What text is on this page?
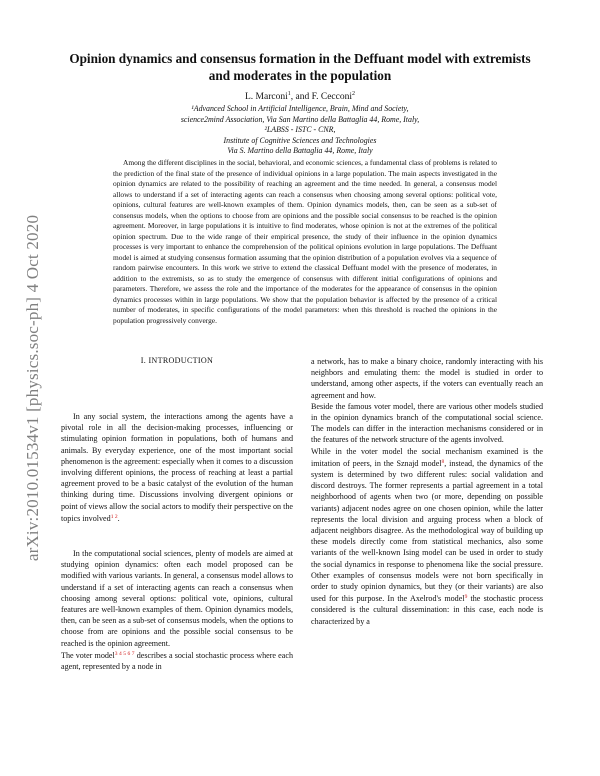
arXiv:2010.01534v1 [physics.soc-ph] 4 Oct 2020
Opinion dynamics and consensus formation in the Deffuant model with extremists
and moderates in the population
L. Marconi$^1$, and F. Cecconi$^2$
¹Advanced School in Artificial Intelligence, Brain, Mind and Society,
science2mind Association, Via San Martino della Battaglia 44, Rome, Italy,
²LABSS - ISTC - CNR,
Institute of Cognitive Sciences and Technologies
Via S. Martino della Battaglia 44, Rome, Italy
Among the different disciplines in the social, behavioral, and economic sciences, a fundamental class of problems is related to the prediction of the final state of the presence of individual opinions in a large population. The main aspects investigated in the opinion dynamics are related to the possibility of reaching an agreement and the time needed. In general, a consensus model allows to understand if a set of interacting agents can reach a consensus when choosing among several options: political vote, opinions, cultural features are well-known examples of them. Opinion dynamics models, then, can be seen as a sub-set of consensus models, when the options to choose from are opinions and the possible social consensus to be reached is the opinion agreement. Moreover, in large populations it is intuitive to find moderates, whose opinion is not at the extremes of the political opinion spectrum. Due to the wide range of their empirical presence, the study of their influence in the opinion dynamics processes is very important to enhance the comprehension of the political opinions evolution in large populations. The Deffuant model is aimed at studying consensus formation assuming that the opinion distribution of a population evolves via a sequence of random pairwise encounters. In this work we strive to extend the classical Deffuant model with the presence of moderates, in addition to the extremists, so as to study the emergence of consensus with different initial configurations of opinions and parameters. Therefore, we assess the role and the importance of the moderates for the appearance of consensus in the opinion dynamics processes within in large populations. We show that the population behavior is affected by the presence of a critical number of moderates, in specific configurations of the model parameters: when this threshold is reached the opinions in the population progressively converge.
I. INTRODUCTION

In any social system, the interactions among the agents have a pivotal role in all the decision-making processes, influencing or stimulating opinion formation in populations, both of humans and animals. By everyday experience, one of the most important social phenomenon is the agreement: especially when it comes to a discussion involving different opinions, the process of reaching at least a partial agreement proved to be a basic catalyst of the evolution of the human thinking during time. Discussions involving divergent opinions or point of views allow the social actors to modify their perspective on the topics involved$^{1 2}$.

In the computational social sciences, plenty of models are aimed at studying opinion dynamics: often each model proposed can be modified with various variants. In general, a consensus model allows to understand if a set of interacting agents can reach a consensus when choosing among several options: political vote, opinions, cultural features are well-known examples of them. Opinion dynamics models, then, can be seen as a sub-set of consensus models, when the options to choose from are opinions and the possible social consensus to be reached is the opinion agreement.

The voter model$^{3 4 5 6 7}$ describes a social stochastic process where each agent, represented by a node in

a network, has to make a binary choice, randomly interacting with his neighbors and emulating them: the model is studied in order to understand, among other aspects, if the voters can eventually reach an agreement and how.

Beside the famous voter model, there are various other models studied in the opinion dynamics branch of the computational social science. The models can differ in the interaction mechanisms considered or in the features of the network structure of the agents involved.

While in the voter model the social mechanism examined is the imitation of peers, in the Sznajd model$^8$, instead, the dynamics of the system is determined by two different rules: social validation and discord destroys. The former represents a partial agreement in a total neighborhood of agents when two (or more, depending on possible variants) adjacent nodes agree on one chosen opinion, while the latter represents the local division and arguing process when a block of adjacent neighbors disagree. As the methodological way of building up these models directly come from statistical mechanics, also some variants of the well-known Ising model can be used in order to study the social dynamics in response to phenomena like the social pressure. Other examples of consensus models were not born specifically in order to study opinion dynamics, but they (or their variants) are also used for this purpose. In the Axelrod's model$^9$ the stochastic process considered is the cultural dissemination: in this case, each node is characterized by a
